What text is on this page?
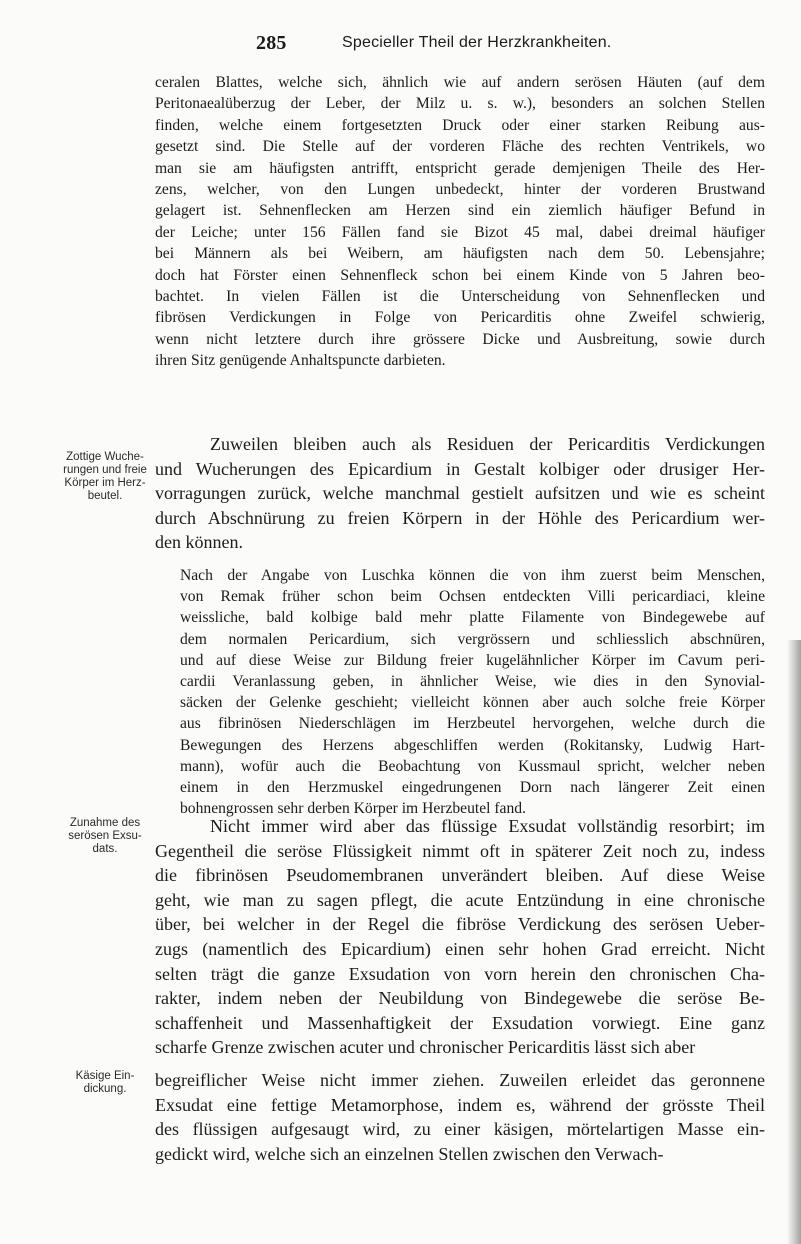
285	Specieller Theil der Herzkrankheiten.

ceralen Blattes, welche sich, ähnlich wie auf andern serösen Häuten (auf dem
Peritonaealüberzug der Leber, der Milz u. s. w.), besonders an solchen Stellen
finden, welche einem fortgesetzten Druck oder einer starken Reibung aus-
gesetzt sind. Die Stelle auf der vorderen Fläche des rechten Ventrikels, wo
man sie am häufigsten antrifft, entspricht gerade demjenigen Theile des Her-
zens, welcher, von den Lungen unbedeckt, hinter der vorderen Brustwand
gelagert ist. Sehnenflecken am Herzen sind ein ziemlich häufiger Befund in
der Leiche; unter 156 Fällen fand sie Bizot 45 mal, dabei dreimal häufiger
bei Männern als bei Weibern, am häufigsten nach dem 50. Lebensjahre;
doch hat Förster einen Sehnenfleck schon bei einem Kinde von 5 Jahren beo-
bachtet. In vielen Fällen ist die Unterscheidung von Sehnenflecken und
fibrösen Verdickungen in Folge von Pericarditis ohne Zweifel schwierig,
wenn nicht letztere durch ihre grössere Dicke und Ausbreitung, sowie durch
ihren Sitz genügende Anhaltspuncte darbieten.

Zottige Wuche-
rungen und freie
Körper im Herz-
beutel.

Zuweilen bleiben auch als Residuen der Pericarditis Verdickungen
und Wucherungen des Epicardium in Gestalt kolbiger oder drusiger Her-
vorragungen zurück, welche manchmal gestielt aufsitzen und wie es scheint
durch Abschnürung zu freien Körpern in der Höhle des Pericardium wer-
den können.

Nach der Angabe von Luschka können die von ihm zuerst beim Menschen,
von Remak früher schon beim Ochsen entdeckten Villi pericardiaci, kleine
weissliche, bald kolbige bald mehr platte Filamente von Bindegewebe auf
dem normalen Pericardium, sich vergrössern und schliesslich abschnüren,
und auf diese Weise zur Bildung freier kugelähnlicher Körper im Cavum peri-
cardii Veranlassung geben, in ähnlicher Weise, wie dies in den Synovial-
säcken der Gelenke geschieht; vielleicht können aber auch solche freie Körper
aus fibrinösen Niederschlägen im Herzbeutel hervorgehen, welche durch die
Bewegungen des Herzens abgeschliffen werden (Rokitansky, Ludwig Hart-
mann), wofür auch die Beobachtung von Kussmaul spricht, welcher neben
einem in den Herzmuskel eingedrungenen Dorn nach längerer Zeit einen
bohnengrossen sehr derben Körper im Herzbeutel fand.

Zunahme des
serösen Exsu-
dats.

Nicht immer wird aber das flüssige Exsudat vollständig resorbirt; im
Gegentheil die seröse Flüssigkeit nimmt oft in späterer Zeit noch zu, indess
die fibrinösen Pseudomembranen unverändert bleiben. Auf diese Weise
geht, wie man zu sagen pflegt, die acute Entzündung in eine chronische
über, bei welcher in der Regel die fibröse Verdickung des serösen Ueber-
zugs (namentlich des Epicardium) einen sehr hohen Grad erreicht. Nicht
selten trägt die ganze Exsudation von vorn herein den chronischen Cha-
rakter, indem neben der Neubildung von Bindegewebe die seröse Be-
schaffenheit und Massenhaftigkeit der Exsudation vorwiegt. Eine ganz
scharfe Grenze zwischen acuter und chronischer Pericarditis lässt sich aber

Käsige Ein-
dickung.	begreiflicher Weise nicht immer ziehen. Zuweilen erleidet das geronnene
Exsudat eine fettige Metamorphose, indem es, während der grösste Theil
des flüssigen aufgesaugt wird, zu einer käsigen, mörtelartigen Masse ein-
gedickt wird, welche sich an einzelnen Stellen zwischen den Verwach-
